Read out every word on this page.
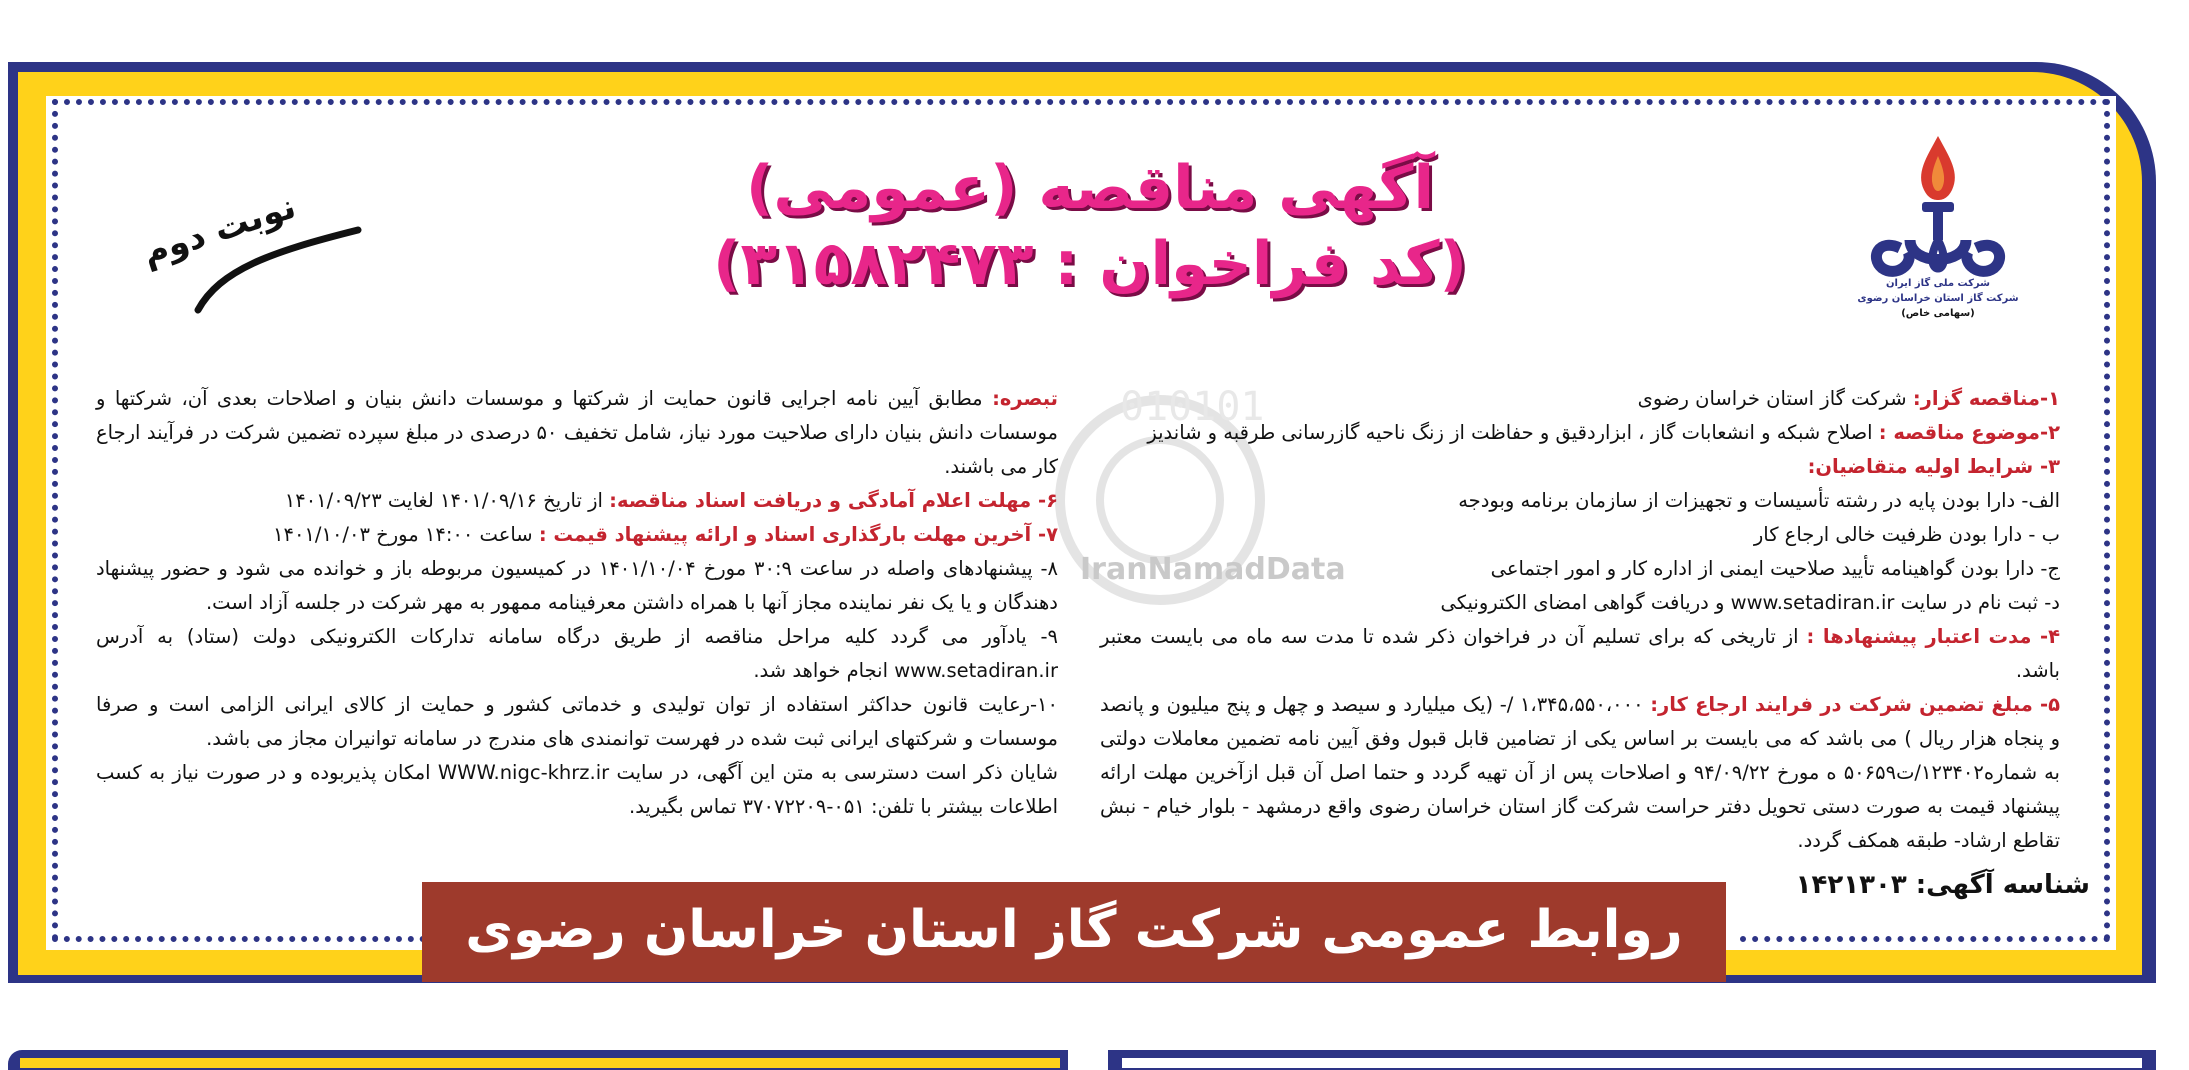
شرکت ملی گاز ایران
شرکت گاز استان خراسان رضوی
(سهامی خاص)
آگهی مناقصه (عمومی)
(کد فراخوان : ۳۱۵۸۲۴۷۳)
نوبت دوم
010101
IranNamadData

۱-مناقصه گزار: شرکت گاز استان خراسان رضوی

۲-موضوع مناقصه : اصلاح شبکه و انشعابات گاز ، ابزاردقیق و حفاظت از زنگ ناحیه گازرسانی طرقبه و شاندیز

۳- شرایط اولیه متقاضیان:

الف- دارا بودن پایه در رشته تأسیسات و تجهیزات از سازمان برنامه وبودجه

ب - دارا بودن ظرفیت خالی ارجاع کار

ج- دارا بودن گواهینامه تأیید صلاحیت ایمنی از اداره کار و امور اجتماعی

د- ثبت نام در سایت www.setadiran.ir و دریافت گواهی امضای الکترونیکی

۴- مدت اعتبار پیشنهادها : از تاریخی که برای تسلیم آن در فراخوان ذکر شده تا مدت سه ماه می بایست معتبر باشد.

۵- مبلغ تضمین شرکت در فرایند ارجاع کار: ۱،۳۴۵،۵۵۰،۰۰۰ /- (یک میلیارد و سیصد و چهل و پنج میلیون و پانصد و پنجاه هزار ریال ) می باشد که می بایست بر اساس یکی از تضامین قابل قبول وفق آیین نامه تضمین معاملات دولتی به شماره۱۲۳۴۰۲/ت۵۰۶۵۹ ه مورخ ۹۴/۰۹/۲۲ و اصلاحات پس از آن تهیه گردد و حتما اصل آن قبل ازآخرین مهلت ارائه پیشنهاد قیمت به صورت دستی تحویل دفتر حراست شرکت گاز استان خراسان رضوی واقع درمشهد - بلوار خیام - نبش تقاطع ارشاد- طبقه همکف گردد.

تبصره: مطابق آیین نامه اجرایی قانون حمایت از شرکتها و موسسات دانش بنیان و اصلاحات بعدی آن، شرکتها و موسسات دانش بنیان دارای صلاحیت مورد نیاز، شامل تخفیف ۵۰ درصدی در مبلغ سپرده تضمین شرکت در فرآیند ارجاع کار می باشند.

۶- مهلت اعلام آمادگی و دریافت اسناد مناقصه: از تاریخ ۱۴۰۱/۰۹/۱۶ لغایت ۱۴۰۱/۰۹/۲۳

۷- آخرین مهلت بارگذاری اسناد و ارائه پیشنهاد قیمت : ساعت ۱۴:۰۰ مورخ ۱۴۰۱/۱۰/۰۳

۸- پیشنهادهای واصله در ساعت ۳۰:۹ مورخ ۱۴۰۱/۱۰/۰۴ در کمیسیون مربوطه باز و خوانده می شود و حضور پیشنهاد دهندگان و یا یک نفر نماینده مجاز آنها با همراه داشتن معرفینامه ممهور به مهر شرکت در جلسه آزاد است.

۹- یادآور می گردد کلیه مراحل مناقصه از طریق درگاه سامانه تدارکات الکترونیکی دولت (ستاد) به آدرس www.setadiran.ir انجام خواهد شد.

۱۰-رعایت قانون حداکثر استفاده از توان تولیدی و خدماتی کشور و حمایت از کالای ایرانی الزامی است و صرفا موسسات و شرکتهای ایرانی ثبت شده در فهرست توانمندی های مندرج در سامانه توانیران مجاز می باشد.

شایان ذکر است دسترسی به متن این آگهی، در سایت WWW.nigc-khrz.ir امکان پذیربوده و در صورت نیاز به کسب اطلاعات بیشتر با تلفن: ۰۵۱-۳۷۰۷۲۲۰۹ تماس بگیرید.

شناسه آگهی: ۱۴۲۱۳۰۳
روابط عمومی شرکت گاز استان خراسان رضوی
